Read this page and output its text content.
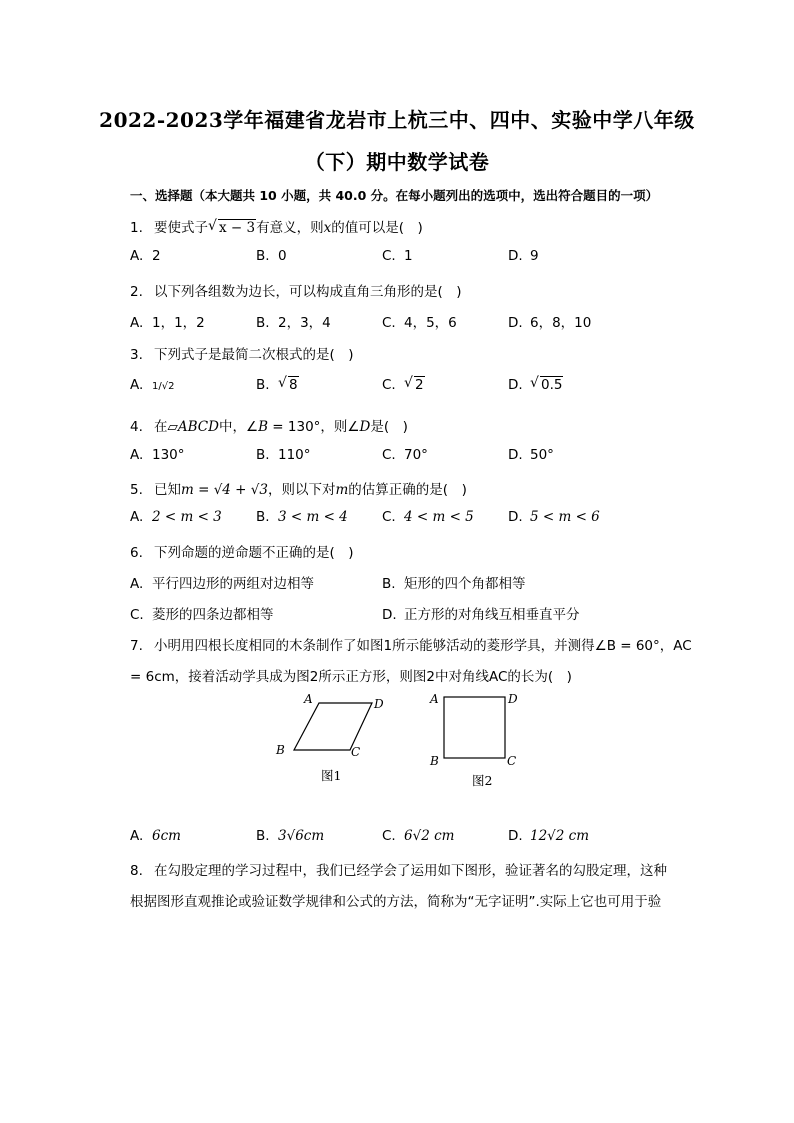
2022-2023学年福建省龙岩市上杭三中、四中、实验中学八年级
（下）期中数学试卷
一、选择题（本大题共 10 小题，共 40.0 分。在每小题列出的选项中，选出符合题目的一项）
1. 要使式子 √ x − 3有意义，则x的值可以是(　)
A. 2	B. 0	C. 1	D. 9
2. 以下列各组数为边长，可以构成直角三角形的是(　)
A. 1，1，2	B. 2，3，4	C. 4，5，6	D. 6，8，10
3. 下列式子是最简二次根式的是(　)
A. 1/√2	B. √ 8	C. √ 2	D. √ 0.5
4. 在▱ABCD中，∠B = 130°，则∠D是(　)
A. 130°	B. 110°	C. 70°	D. 50°
5. 已知m = √4 + √3，则以下对m的估算正确的是(　)
A. 2 < m < 3	B. 3 < m < 4	C. 4 < m < 5	D. 5 < m < 6
6. 下列命题的逆命题不正确的是(　)
A. 平行四边形的两组对边相等	B. 矩形的四个角都相等
C. 菱形的四条边都相等	D. 正方形的对角线互相垂直平分
7. 小明用四根长度相同的木条制作了如图1所示能够活动的菱形学具，并测得∠B = 60°，AC
= 6cm，接着活动学具成为图2所示正方形，则图2中对角线AC的长为(　)
A	D
B	C
图1
A	D
B	C
图2
A. 6cm	B. 3√6cm	C. 6√2 cm	D. 12√2 cm
8. 在勾股定理的学习过程中，我们已经学会了运用如下图形，验证著名的勾股定理，这种
根据图形直观推论或验证数学规律和公式的方法，简称为“无字证明”.实际上它也可用于验
